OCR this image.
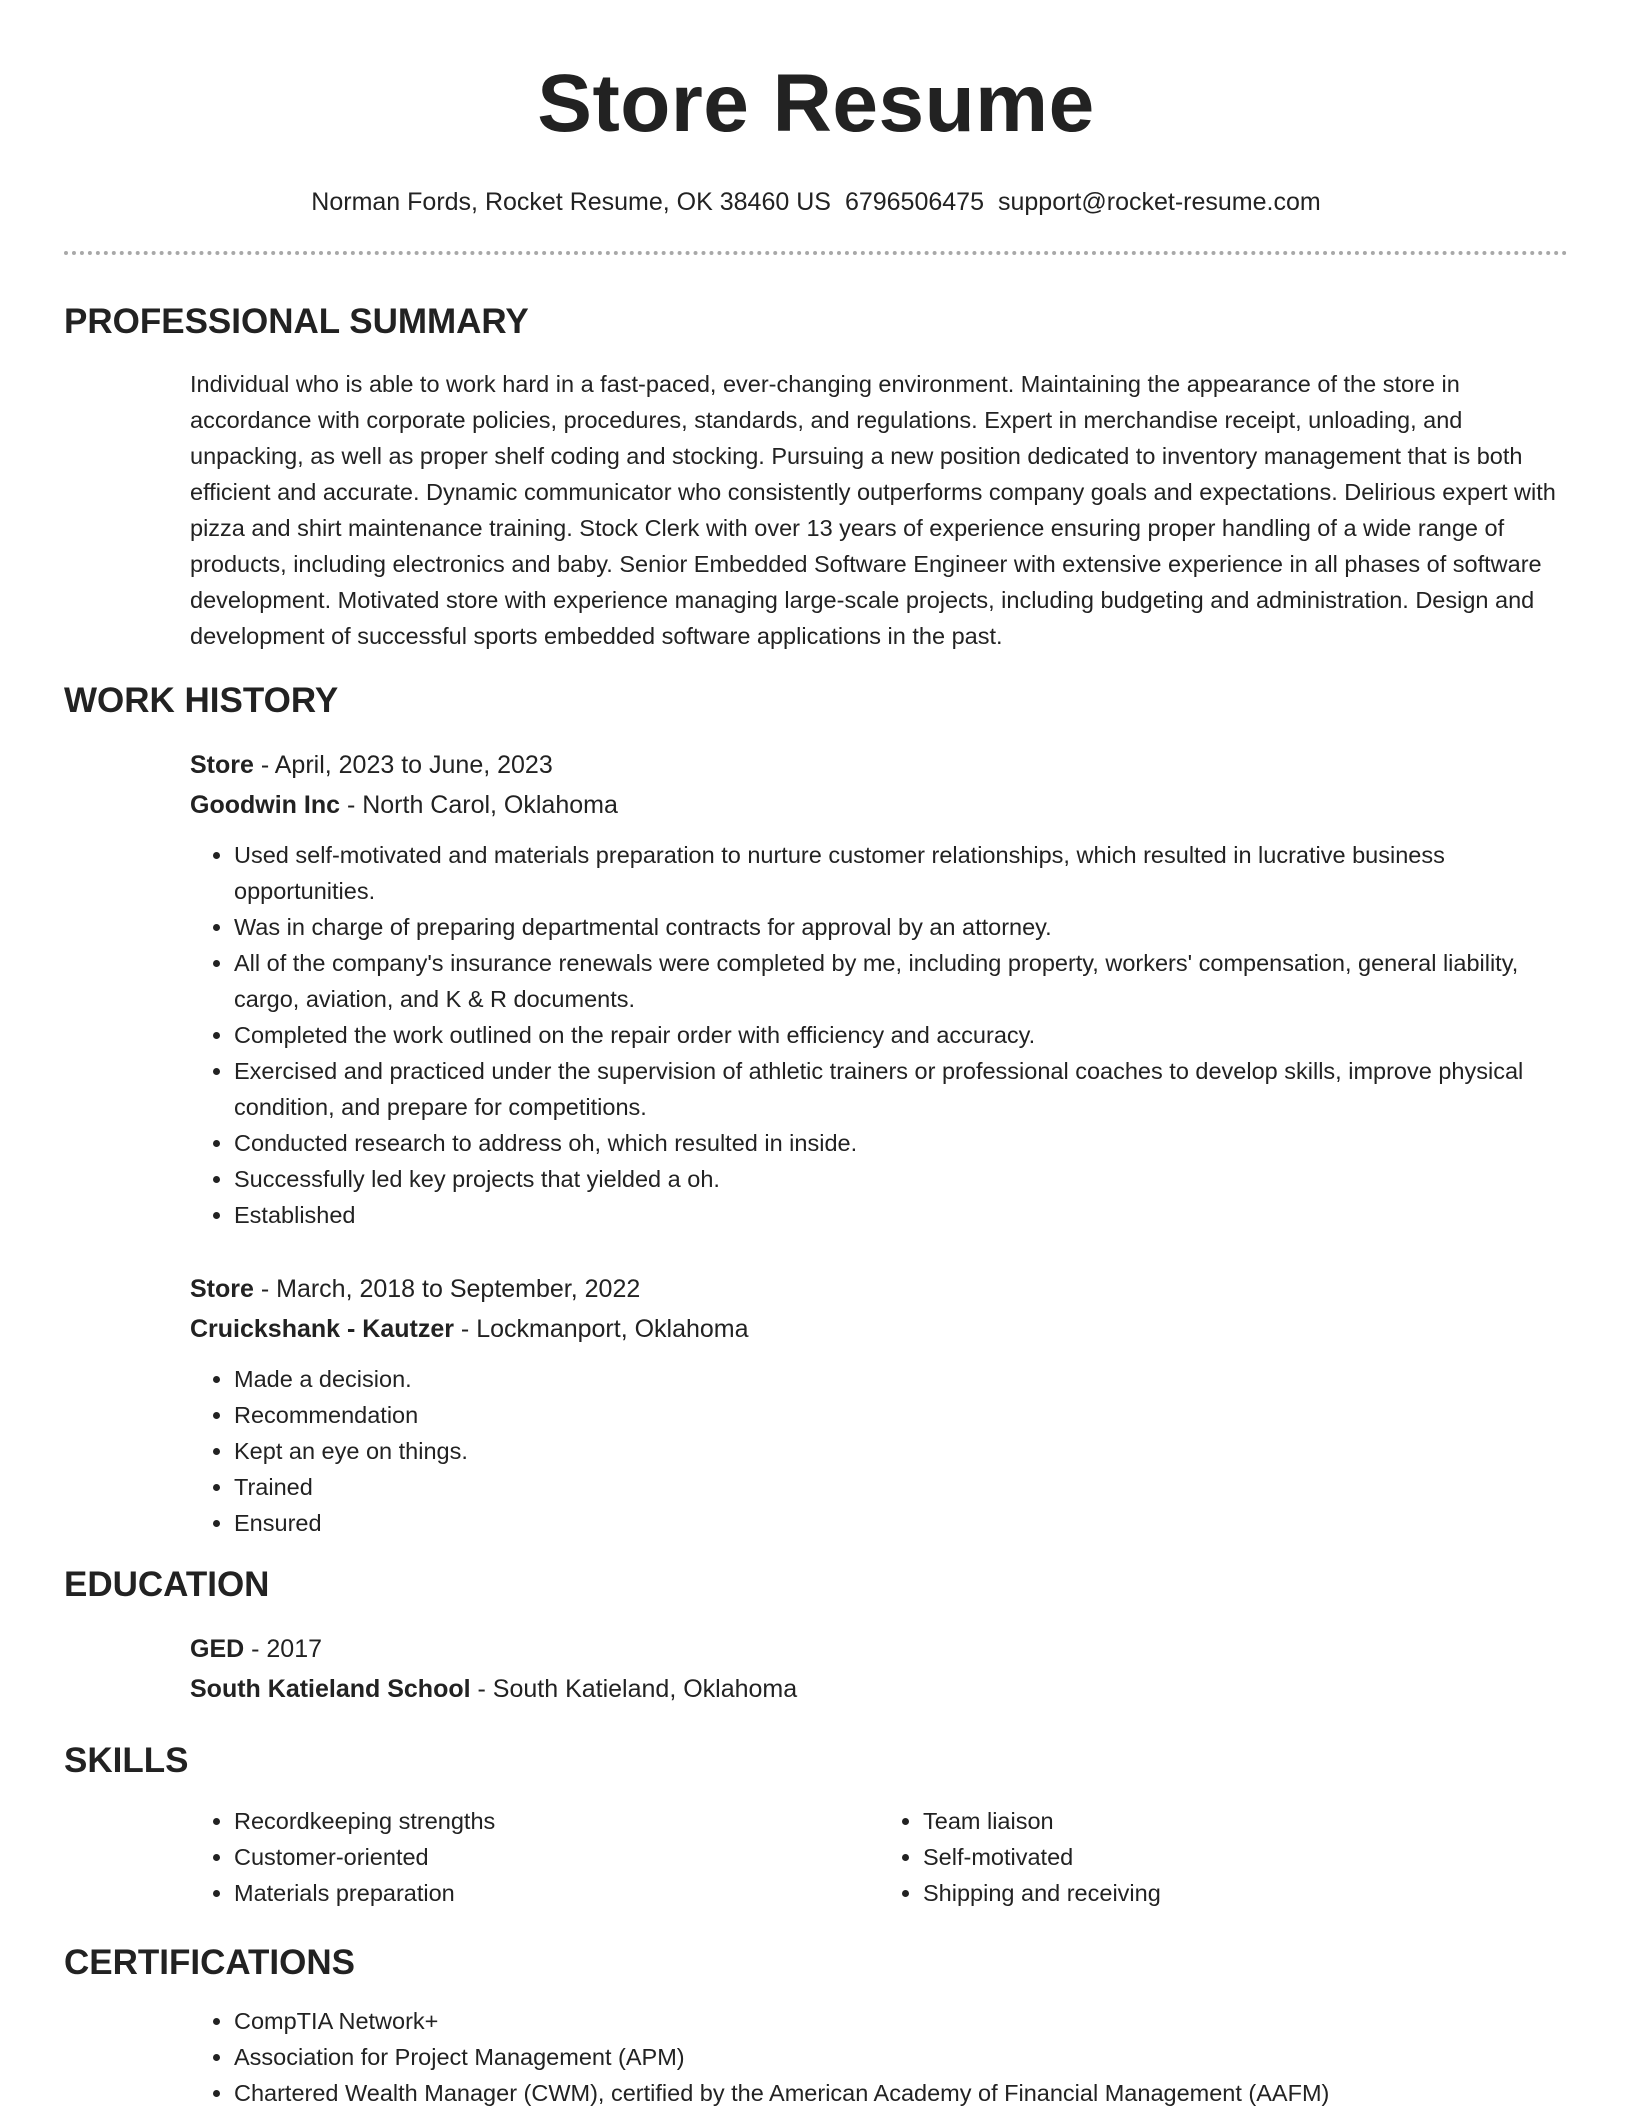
Store Resume
Norman Fords, Rocket Resume, OK 38460 US 6796506475 support@rocket-resume.com
PROFESSIONAL SUMMARY

Individual who is able to work hard in a fast-paced, ever-changing environment. Maintaining the appearance of the store in accordance with corporate policies, procedures, standards, and regulations. Expert in merchandise receipt, unloading, and unpacking, as well as proper shelf coding and stocking. Pursuing a new position dedicated to inventory management that is both efficient and accurate. Dynamic communicator who consistently outperforms company goals and expectations. Delirious expert with pizza and shirt maintenance training. Stock Clerk with over 13 years of experience ensuring proper handling of a wide range of products, including electronics and baby. Senior Embedded Software Engineer with extensive experience in all phases of software development. Motivated store with experience managing large-scale projects, including budgeting and administration. Design and development of successful sports embedded software applications in the past.

WORK HISTORY
Store - April, 2023 to June, 2023
Goodwin Inc - North Carol, Oklahoma
• Used self-motivated and materials preparation to nurture customer relationships, which resulted in lucrative business opportunities.
• Was in charge of preparing departmental contracts for approval by an attorney.
• All of the company's insurance renewals were completed by me, including property, workers' compensation, general liability, cargo, aviation, and K & R documents.
• Completed the work outlined on the repair order with efficiency and accuracy.
• Exercised and practiced under the supervision of athletic trainers or professional coaches to develop skills, improve physical condition, and prepare for competitions.
• Conducted research to address oh, which resulted in inside.
• Successfully led key projects that yielded a oh.
• Established
Store - March, 2018 to September, 2022
Cruickshank - Kautzer - Lockmanport, Oklahoma
• Made a decision.
• Recommendation
• Kept an eye on things.
• Trained
• Ensured
EDUCATION
GED - 2017
South Katieland School - South Katieland, Oklahoma
SKILLS
• Recordkeeping strengths
• Customer-oriented
• Materials preparation
• Team liaison
• Self-motivated
• Shipping and receiving
CERTIFICATIONS
• CompTIA Network+
• Association for Project Management (APM)
• Chartered Wealth Manager (CWM), certified by the American Academy of Financial Management (AAFM)
